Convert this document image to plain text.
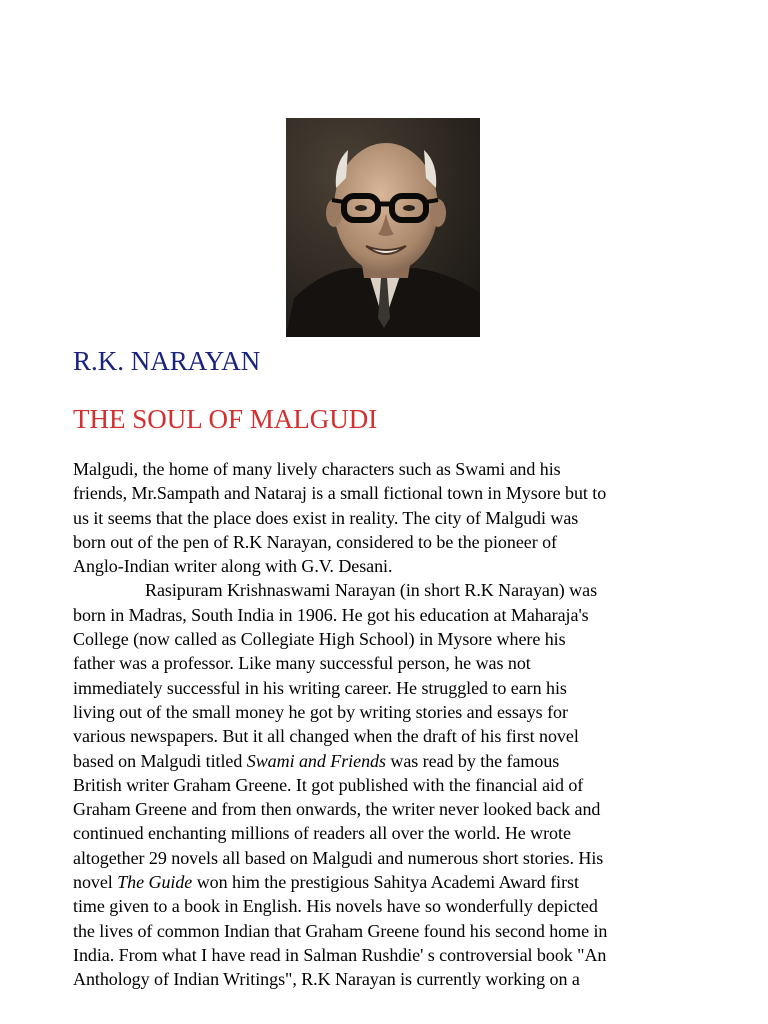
R.K. NARAYAN
THE SOUL OF MALGUDI
Malgudi, the home of many lively characters such as Swami and his
friends, Mr.Sampath and Nataraj is a small fictional town in Mysore but to
us it seems that the place does exist in reality. The city of Malgudi was
born out of the pen of R.K Narayan, considered to be the pioneer of
Anglo-Indian writer along with G.V. Desani.
Rasipuram Krishnaswami Narayan (in short R.K Narayan) was
born in Madras, South India in 1906. He got his education at Maharaja's
College (now called as Collegiate High School) in Mysore where his
father was a professor. Like many successful person, he was not
immediately successful in his writing career. He struggled to earn his
living out of the small money he got by writing stories and essays for
various newspapers. But it all changed when the draft of his first novel
based on Malgudi titled Swami and Friends was read by the famous
British writer Graham Greene. It got published with the financial aid of
Graham Greene and from then onwards, the writer never looked back and
continued enchanting millions of readers all over the world. He wrote
altogether 29 novels all based on Malgudi and numerous short stories. His
novel The Guide won him the prestigious Sahitya Academi Award first
time given to a book in English. His novels have so wonderfully depicted
the lives of common Indian that Graham Greene found his second home in
India. From what I have read in Salman Rushdie' s controversial book "An
Anthology of Indian Writings", R.K Narayan is currently working on a
